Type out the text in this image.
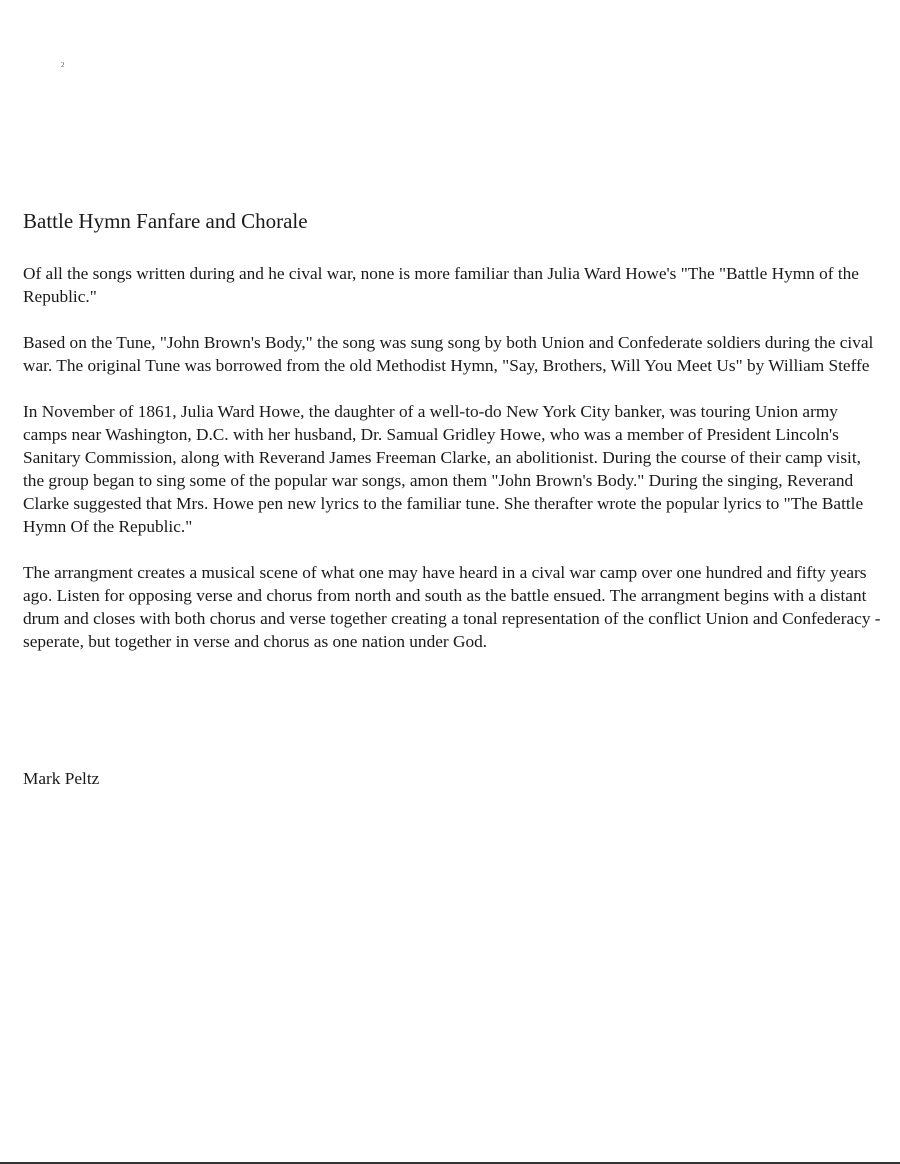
2
Battle Hymn Fanfare and Chorale

Of all the songs written during and he cival war, none is more familiar than Julia Ward Howe's "The "Battle Hymn of the Republic."

Based on the Tune, "John Brown's Body," the song was sung song by both Union and Confederate soldiers during the cival war. The original Tune was borrowed from the old Methodist Hymn, "Say, Brothers, Will You Meet Us" by William Steffe

In November of 1861, Julia Ward Howe, the daughter of a well-to-do New York City banker, was touring Union army camps near Washington, D.C. with her husband, Dr. Samual Gridley Howe, who was a member of President Lincoln's Sanitary Commission, along with Reverand James Freeman Clarke, an abolitionist. During the course of their camp visit, the group began to sing some of the popular war songs, amon them "John Brown's Body." During the singing, Reverand Clarke suggested that Mrs. Howe pen new lyrics to the familiar tune. She therafter wrote the popular lyrics to "The Battle Hymn Of the Republic."

The arrangment creates a musical scene of what one may have heard in a cival war camp over one hundred and fifty years ago. Listen for opposing verse and chorus from north and south as the battle ensued. The arrangment begins with a distant drum and closes with both chorus and verse together creating a tonal representation of the conflict Union and Confederacy - seperate, but together in verse and chorus as one nation under God.

Mark Peltz
